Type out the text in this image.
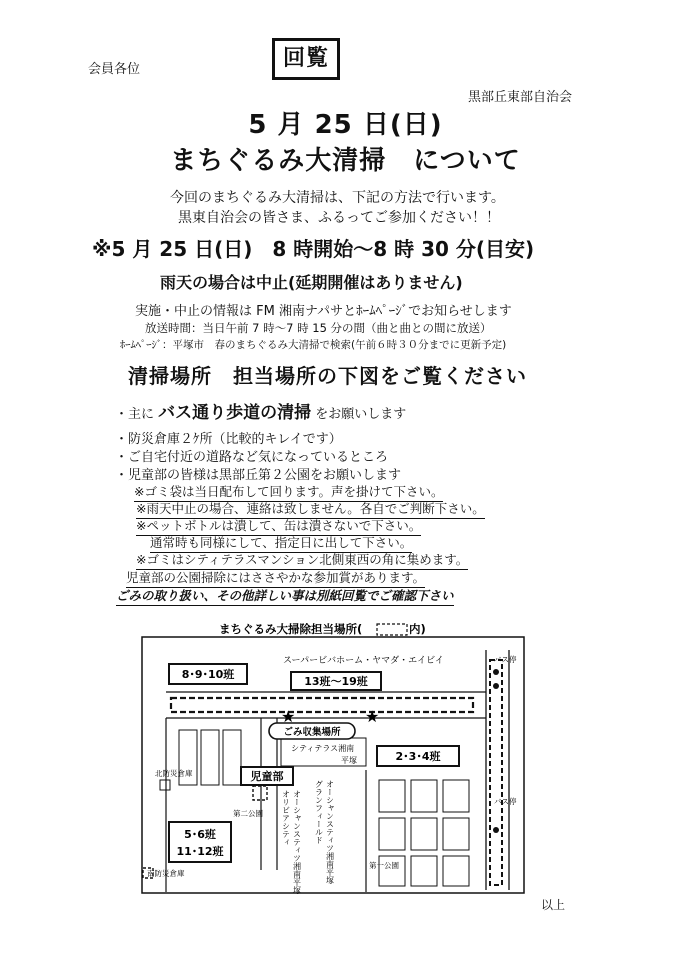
会員各位	回覧
黒部丘東部自治会
5 月 25 日(日)
まちぐるみ大清掃　について
今回のまちぐるみ大清掃は、下記の方法で行います。
黒東自治会の皆さま、ふるってご参加ください！！
※5 月 25 日(日)　8 時開始～8 時 30 分(目安)
雨天の場合は中止(延期開催はありません)
実施・中止の情報は FM 湘南ナパサとﾎｰﾑﾍﾟｰｼﾞでお知らせします
放送時間：当日午前 7 時～7 時 15 分の間（曲と曲との間に放送）
ﾎｰﾑﾍﾟｰｼﾞ：平塚市　春のまちぐるみ大清掃で検索(午前６時３０分までに更新予定)
清掃場所　担当場所の下図をご覧ください
・主に バス通り歩道の清掃 をお願いします
・防災倉庫２ｹ所（比較的キレイです）
・ご自宅付近の道路など気になっているところ
・児童部の皆様は黒部丘第２公園をお願いします
※ゴミ袋は当日配布して回ります。声を掛けて下さい。
※雨天中止の場合、連絡は致しません。各自でご判断下さい。
※ペットボトルは潰して、缶は潰さないで下さい。
通常時も同様にして、指定日に出して下さい。
※ゴミはシティテラスマンション北側東西の角に集めます。
児童部の公園掃除にはささやかな参加賞があります。
ごみの取り扱い、その他詳しい事は別紙回覧でご確認下さい
まちぐるみ大掃除担当場所(	内)
スーパービバホーム・ヤマダ・エイビイ	バス停
バス停
8･9･10班
13班～19班
2･3･4班
5･6班
11･12班
児童部
ごみ収集場所
★	★
シティテラス湘南
平塚
北防災倉庫
南防災倉庫
第二公園
第一公園
オリビアシティ オーシャンスティツ湘南平塚 グランフィールド オーシャンスティツ湘南平塚
以上
